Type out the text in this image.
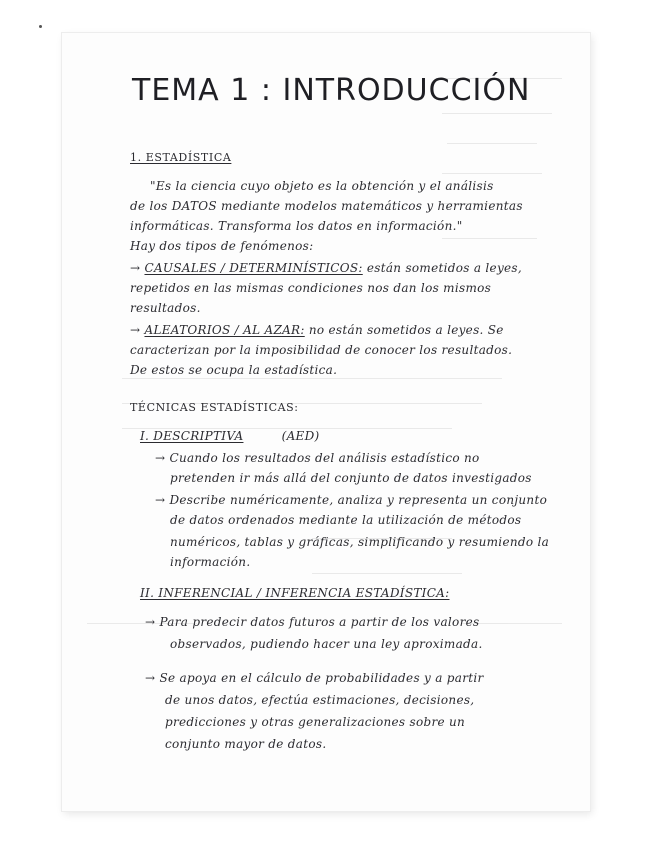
TEMA 1 : INTRODUCCIÓN
1. ESTADÍSTICA
"Es la ciencia cuyo objeto es la obtención y el análisis
de los DATOS mediante modelos matemáticos y herramientas
informáticas. Transforma los datos en información."
Hay dos tipos de fenómenos:
→ CAUSALES / DETERMINÍSTICOS: están sometidos a leyes,
repetidos en las mismas condiciones nos dan los mismos
resultados.
→ ALEATORIOS / AL AZAR: no están sometidos a leyes. Se
caracterizan por la imposibilidad de conocer los resultados.
De estos se ocupa la estadística.
TÉCNICAS ESTADÍSTICAS:
I. DESCRIPTIVA	(AED)
→ Cuando los resultados del análisis estadístico no
pretenden ir más allá del conjunto de datos investigados
→ Describe numéricamente, analiza y representa un conjunto
de datos ordenados mediante la utilización de métodos
numéricos, tablas y gráficas, simplificando y resumiendo la
información.
II. INFERENCIAL / INFERENCIA ESTADÍSTICA:
→ Para predecir datos futuros a partir de los valores
observados, pudiendo hacer una ley aproximada.
→ Se apoya en el cálculo de probabilidades y a partir
de unos datos, efectúa estimaciones, decisiones,
predicciones y otras generalizaciones sobre un
conjunto mayor de datos.
